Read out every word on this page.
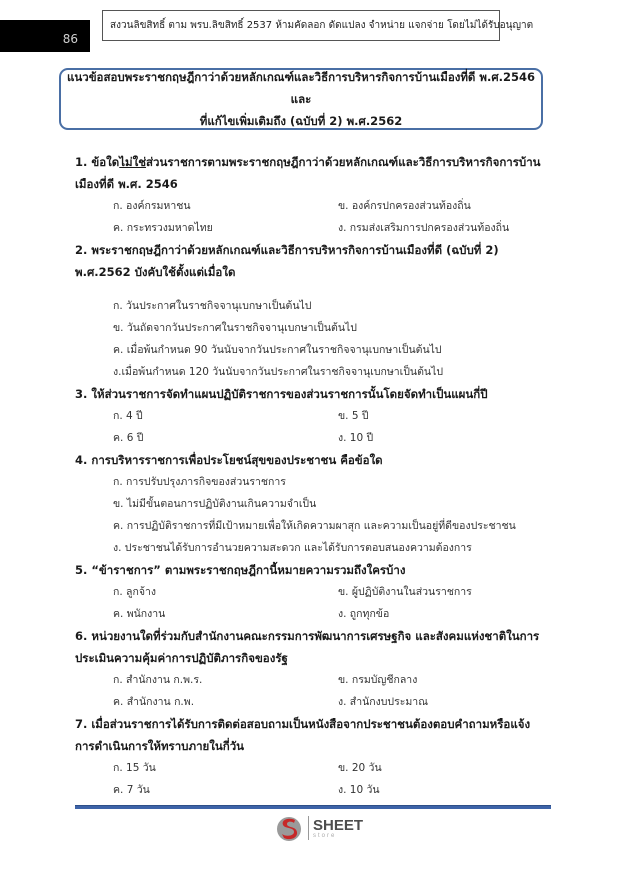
86
สงวนลิขสิทธิ์ ตาม พรบ.ลิขสิทธิ์ 2537 ห้ามคัดลอก ดัดแปลง จำหน่าย แจกจ่าย โดยไม่ได้รับอนุญาต
แนวข้อสอบพระราชกฤษฎีกาว่าด้วยหลักเกณฑ์และวิธีการบริหารกิจการบ้านเมืองที่ดี พ.ศ.2546 และ
ที่แก้ไขเพิ่มเติมถึง (ฉบับที่ 2) พ.ศ.2562
1. ข้อใดไม่ใช่ส่วนราชการตามพระราชกฤษฎีกาว่าด้วยหลักเกณฑ์และวิธีการบริหารกิจการบ้านเมืองที่ดี พ.ศ. 2546
ก. องค์กรมหาชน	ข. องค์กรปกครองส่วนท้องถิ่น
ค. กระทรวงมหาดไทย	ง. กรมส่งเสริมการปกครองส่วนท้องถิ่น
2. พระราชกฤษฎีกาว่าด้วยหลักเกณฑ์และวิธีการบริหารกิจการบ้านเมืองที่ดี (ฉบับที่ 2) พ.ศ.2562 บังคับใช้ตั้งแต่เมื่อใด
ก. วันประกาศในราชกิจจานุเบกษาเป็นต้นไป
ข. วันถัดจากวันประกาศในราชกิจจานุเบกษาเป็นต้นไป
ค. เมื่อพ้นกำหนด 90 วันนับจากวันประกาศในราชกิจจานุเบกษาเป็นต้นไป
ง.เมื่อพ้นกำหนด 120 วันนับจากวันประกาศในราชกิจจานุเบกษาเป็นต้นไป
3. ให้ส่วนราชการจัดทำแผนปฏิบัติราชการของส่วนราชการนั้นโดยจัดทำเป็นแผนกี่ปี
ก. 4 ปี	ข. 5 ปี
ค. 6 ปี	ง. 10 ปี
4. การบริหารราชการเพื่อประโยชน์สุขของประชาชน คือข้อใด
ก. การปรับปรุงภารกิจของส่วนราชการ
ข. ไม่มีขั้นตอนการปฏิบัติงานเกินความจำเป็น
ค. การปฏิบัติราชการที่มีเป้าหมายเพื่อให้เกิดความผาสุก และความเป็นอยู่ที่ดีของประชาชน
ง. ประชาชนได้รับการอำนวยความสะดวก และได้รับการตอบสนองความต้องการ
5. “ข้าราชการ” ตามพระราชกฤษฎีกานี้หมายความรวมถึงใครบ้าง
ก. ลูกจ้าง	ข. ผู้ปฏิบัติงานในส่วนราชการ
ค. พนักงาน	ง. ถูกทุกข้อ
6. หน่วยงานใดที่ร่วมกับสำนักงานคณะกรรมการพัฒนาการเศรษฐกิจ และสังคมแห่งชาติในการประเมินความคุ้มค่าการปฏิบัติภารกิจของรัฐ
ก. สำนักงาน ก.พ.ร.	ข. กรมบัญชีกลาง
ค. สำนักงาน ก.พ.	ง. สำนักงบประมาณ
7. เมื่อส่วนราชการได้รับการติดต่อสอบถามเป็นหนังสือจากประชาชนต้องตอบคำถามหรือแจ้งการดำเนินการให้ทราบภายในกี่วัน
ก. 15 วัน	ข. 20 วัน
ค. 7 วัน	ง. 10 วัน
SHEET
store
